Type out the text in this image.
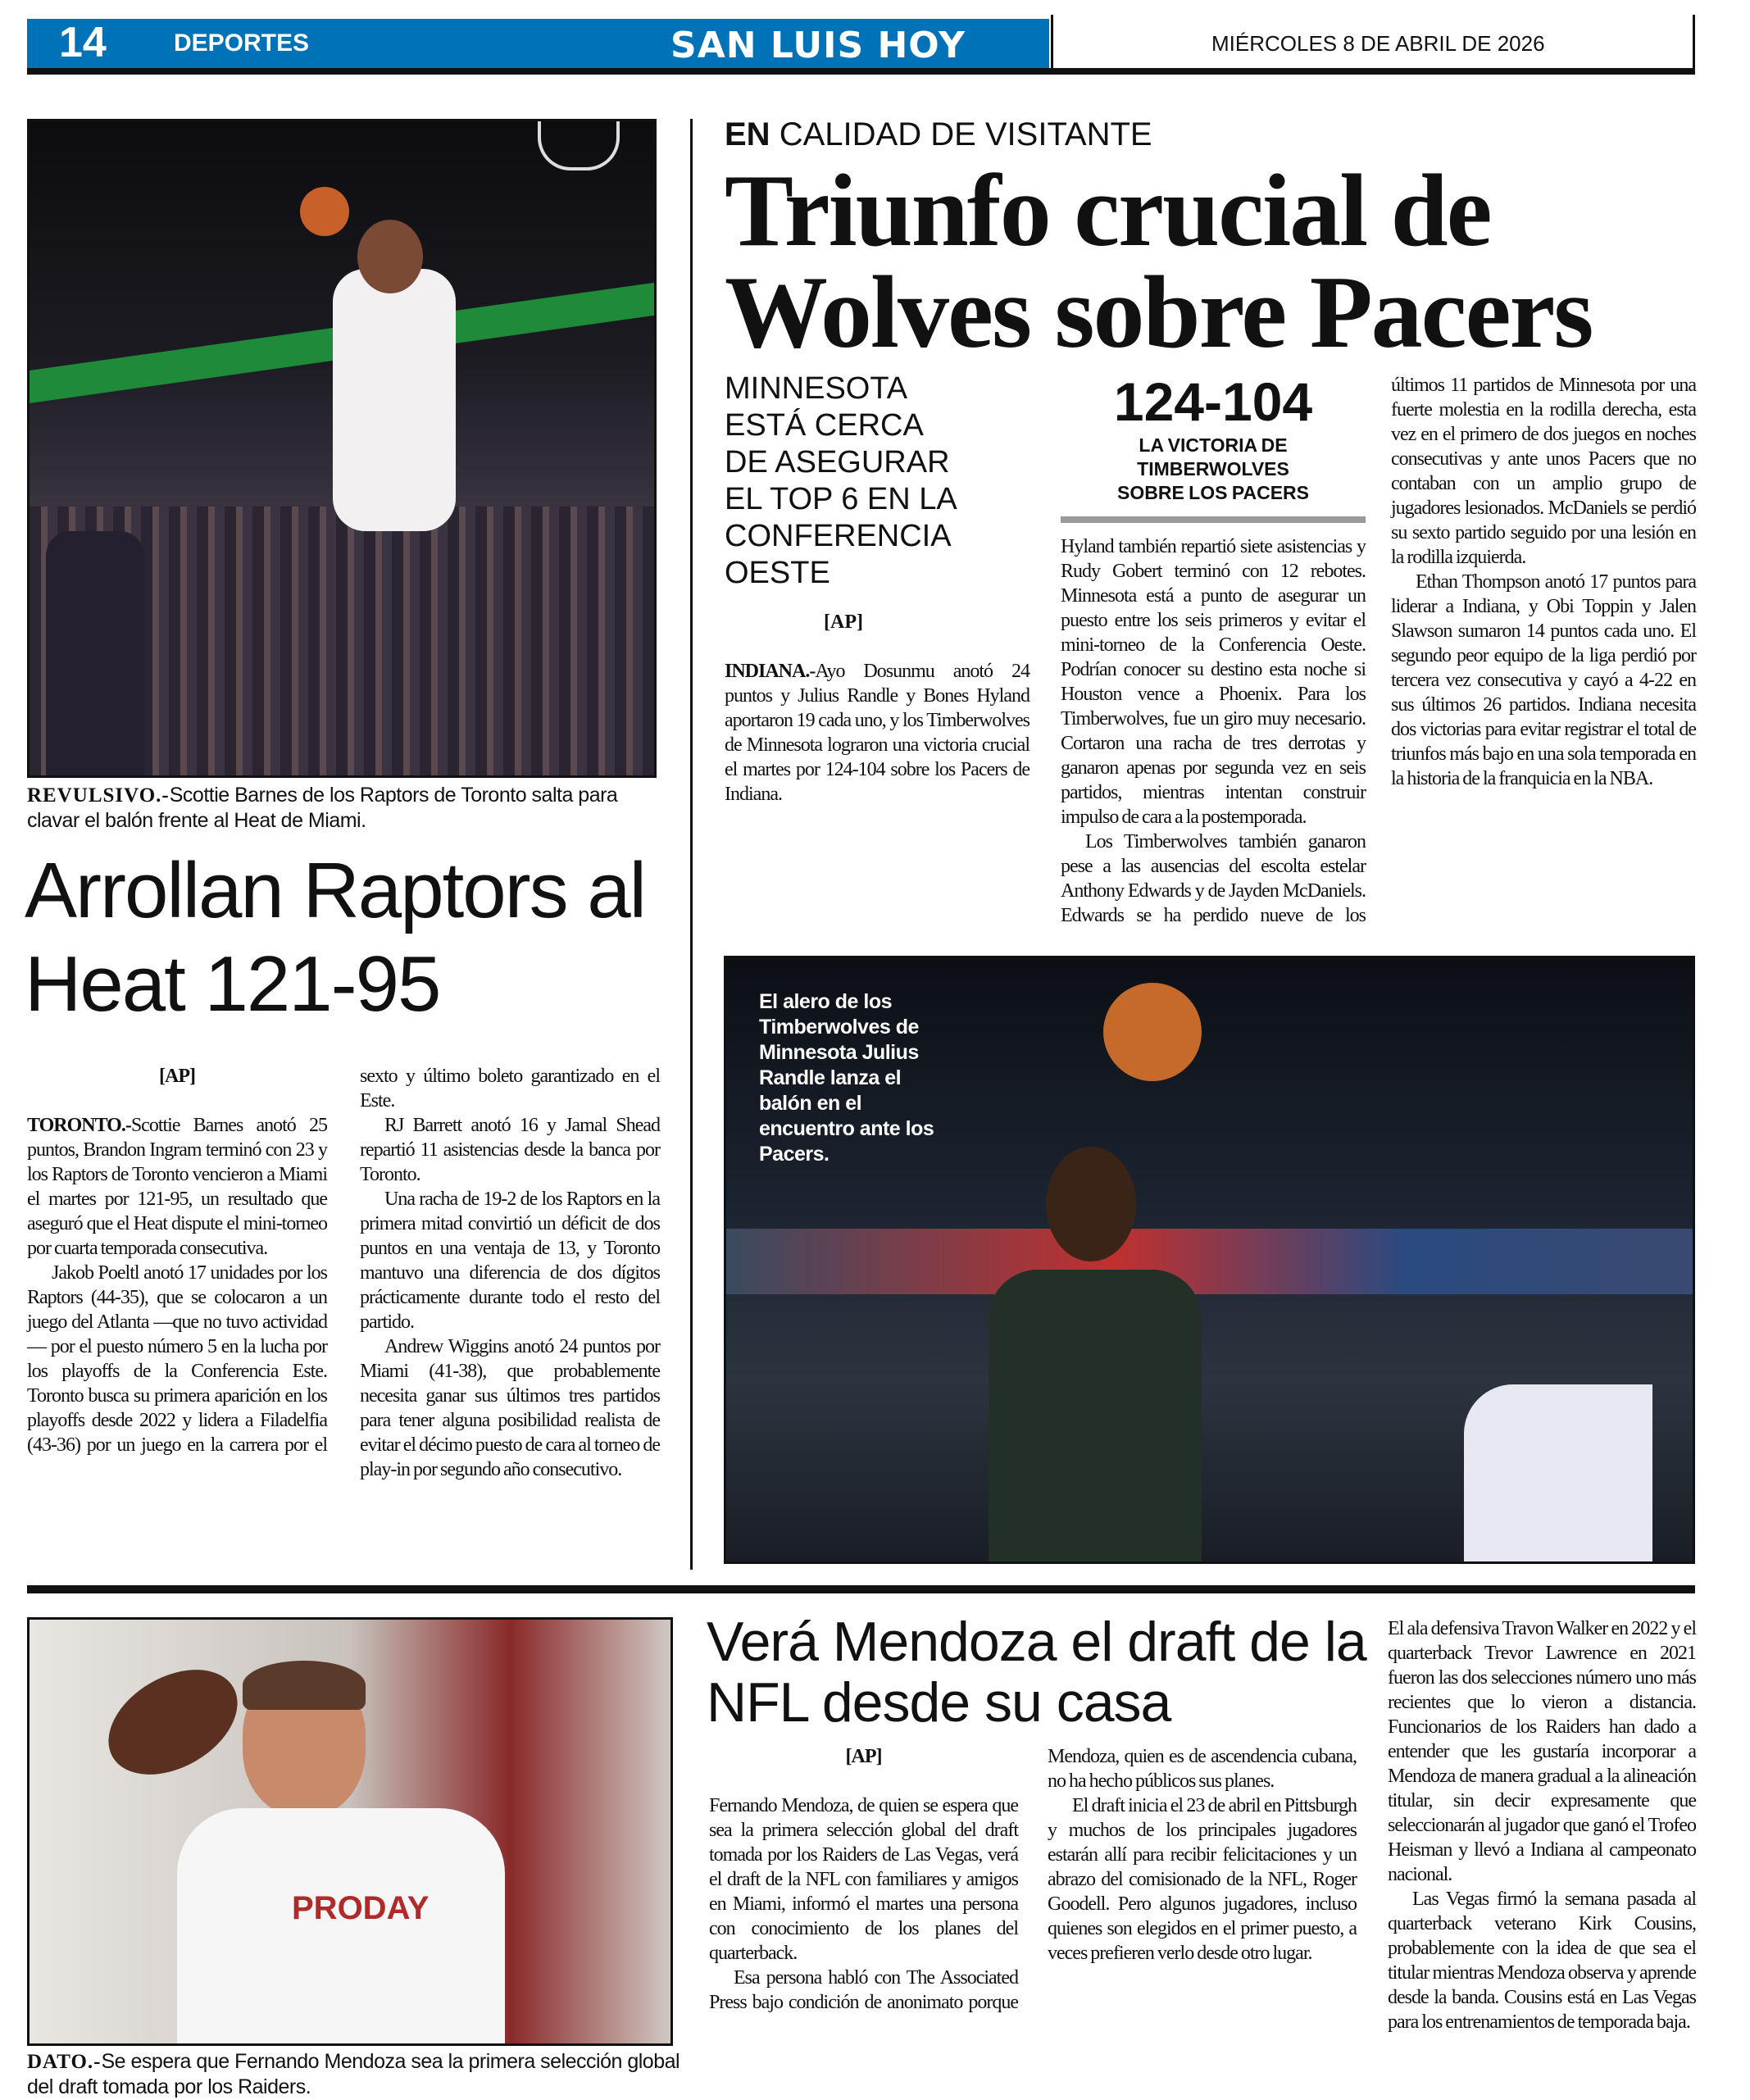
14	DEPORTES	SAN LUIS HOY	MIÉRCOLES 8 DE ABRIL DE 2026
REVULSIVO.-Scottie Barnes de los Raptors de Toronto salta para clavar el balón frente al Heat de Miami.
Arrollan Raptors al Heat 121-95
[AP]

TORONTO.-Scottie Barnes anotó 25 puntos, Brandon Ingram terminó con 23 y los Raptors de Toronto vencieron a Miami el martes por 121-95, un resultado que aseguró que el Heat dispute el mini-torneo por cuarta temporada consecutiva.

Jakob Poeltl anotó 17 unidades por los Raptors (44-35), que se colocaron a un juego del Atlanta —que no tuvo actividad— por el puesto número 5 en la lucha por los playoffs de la Conferencia Este. Toronto busca su primera aparición en los playoffs desde 2022 y lidera a Filadelfia (43-36) por un juego en la carrera por el sexto y último boleto garantizado en el Este.

RJ Barrett anotó 16 y Jamal Shead repartió 11 asistencias desde la banca por Toronto.

Una racha de 19-2 de los Raptors en la primera mitad convirtió un déficit de dos puntos en una ventaja de 13, y Toronto mantuvo una diferencia de dos dígitos prácticamente durante todo el resto del partido.

Andrew Wiggins anotó 24 puntos por Miami (41-38), que probablemente necesita ganar sus últimos tres partidos para tener alguna posibilidad realista de evitar el décimo puesto de cara al torneo de play-in por segundo año consecutivo.

EN CALIDAD DE VISITANTE
Triunfo crucial de Wolves sobre Pacers
MINNESOTA ESTÁ CERCA DE ASEGURAR EL TOP 6 EN LA CONFERENCIA OESTE
[AP]

INDIANA.-Ayo Dosunmu anotó 24 puntos y Julius Randle y Bones Hyland aportaron 19 cada uno, y los Timberwolves de Minnesota lograron una victoria crucial el martes por 124-104 sobre los Pacers de Indiana.

124-104
LA VICTORIA DE TIMBERWOLVES SOBRE LOS PACERS

Hyland también repartió siete asistencias y Rudy Gobert terminó con 12 rebotes. Minnesota está a punto de asegurar un puesto entre los seis primeros y evitar el mini-torneo de la Conferencia Oeste. Podrían conocer su destino esta noche si Houston vence a Phoenix. Para los Timberwolves, fue un giro muy necesario. Cortaron una racha de tres derrotas y ganaron apenas por segunda vez en seis partidos, mientras intentan construir impulso de cara a la postemporada.

Los Timberwolves también ganaron pese a las ausencias del escolta estelar Anthony Edwards y de Jayden McDaniels. Edwards se ha perdido nueve de los últimos 11 partidos de Minnesota por una fuerte molestia en la rodilla derecha, esta vez en el primero de dos juegos en noches consecutivas y ante unos Pacers que no contaban con un amplio grupo de jugadores lesionados. McDaniels se perdió su sexto partido seguido por una lesión en la rodilla izquierda.

Ethan Thompson anotó 17 puntos para liderar a Indiana, y Obi Toppin y Jalen Slawson sumaron 14 puntos cada uno. El segundo peor equipo de la liga perdió por tercera vez consecutiva y cayó a 4-22 en sus últimos 26 partidos. Indiana necesita dos victorias para evitar registrar el total de triunfos más bajo en una sola temporada en la historia de la franquicia en la NBA.

El alero de los Timberwolves de Minnesota Julius Randle lanza el balón en el encuentro ante los Pacers.
PRODAY
DATO.-Se espera que Fernando Mendoza sea la primera selección global del draft tomada por los Raiders.
Verá Mendoza el draft de la NFL desde su casa
[AP]

Fernando Mendoza, de quien se espera que sea la primera selección global del draft tomada por los Raiders de Las Vegas, verá el draft de la NFL con familiares y amigos en Miami, informó el martes una persona con conocimiento de los planes del quarterback.

Esa persona habló con The Associated Press bajo condición de anonimato porque Mendoza, quien es de ascendencia cubana, no ha hecho públicos sus planes.

El draft inicia el 23 de abril en Pittsburgh y muchos de los principales jugadores estarán allí para recibir felicitaciones y un abrazo del comisionado de la NFL, Roger Goodell. Pero algunos jugadores, incluso quienes son elegidos en el primer puesto, a veces prefieren verlo desde otro lugar.

El ala defensiva Travon Walker en 2022 y el quarterback Trevor Lawrence en 2021 fueron las dos selecciones número uno más recientes que lo vieron a distancia. Funcionarios de los Raiders han dado a entender que les gustaría incorporar a Mendoza de manera gradual a la alineación titular, sin decir expresamente que seleccionarán al jugador que ganó el Trofeo Heisman y llevó a Indiana al campeonato nacional.

Las Vegas firmó la semana pasada al quarterback veterano Kirk Cousins, probablemente con la idea de que sea el titular mientras Mendoza observa y aprende desde la banda. Cousins está en Las Vegas para los entrenamientos de temporada baja.
